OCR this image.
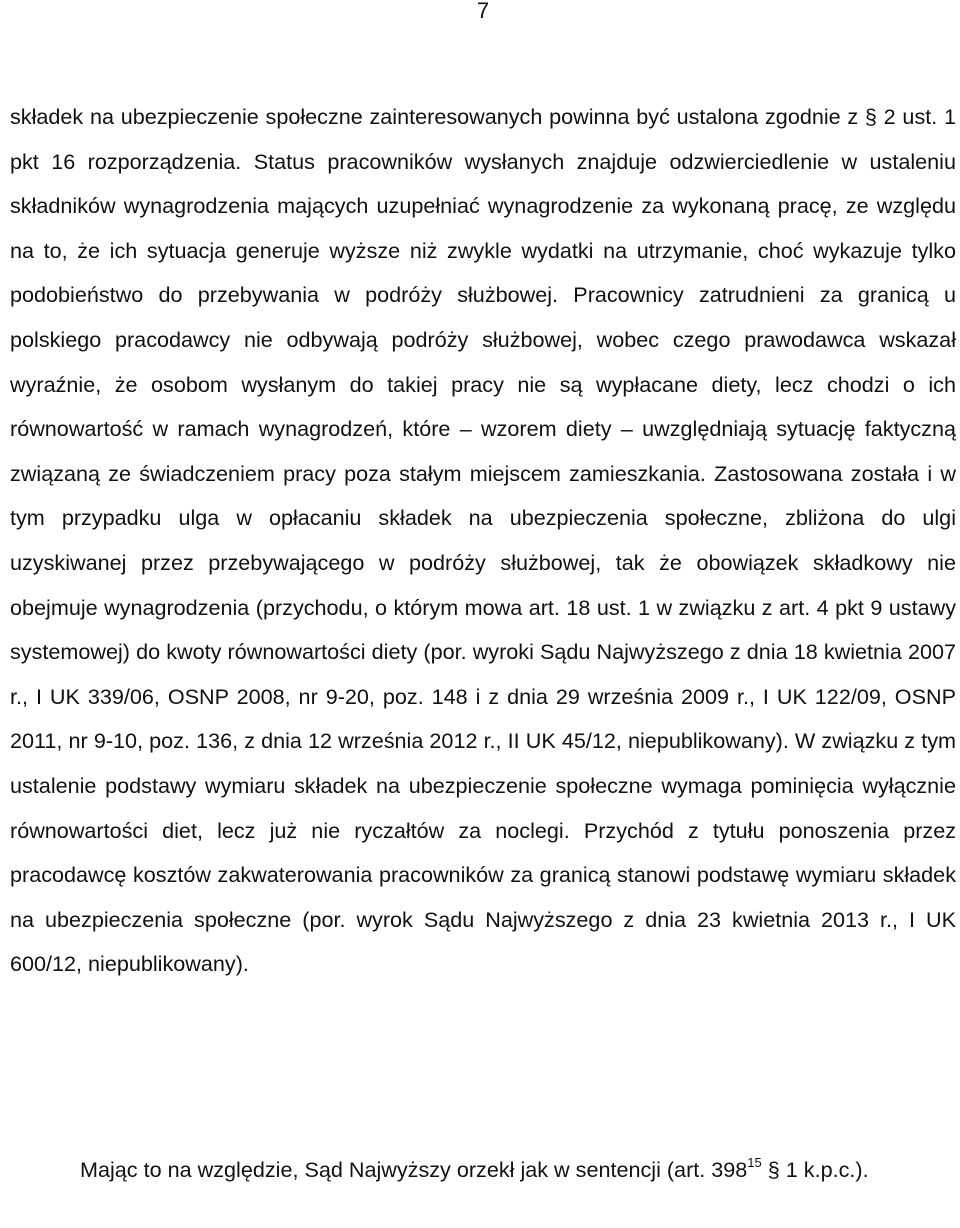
7

składek na ubezpieczenie społeczne zainteresowanych powinna być ustalona zgodnie z § 2 ust. 1 pkt 16 rozporządzenia. Status pracowników wysłanych znajduje odzwierciedlenie w ustaleniu składników wynagrodzenia mających uzupełniać wynagrodzenie za wykonaną pracę, ze względu na to, że ich sytuacja generuje wyższe niż zwykle wydatki na utrzymanie, choć wykazuje tylko podobieństwo do przebywania w podróży służbowej. Pracownicy zatrudnieni za granicą u polskiego pracodawcy nie odbywają podróży służbowej, wobec czego prawodawca wskazał wyraźnie, że osobom wysłanym do takiej pracy nie są wypłacane diety, lecz chodzi o ich równowartość w ramach wynagrodzeń, które – wzorem diety – uwzględniają sytuację faktyczną związaną ze świadczeniem pracy poza stałym miejscem zamieszkania. Zastosowana została i w tym przypadku ulga w opłacaniu składek na ubezpieczenia społeczne, zbliżona do ulgi uzyskiwanej przez przebywającego w podróży służbowej, tak że obowiązek składkowy nie obejmuje wynagrodzenia (przychodu, o którym mowa art. 18 ust. 1 w związku z art. 4 pkt 9 ustawy systemowej) do kwoty równowartości diety (por. wyroki Sądu Najwyższego z dnia 18 kwietnia 2007 r., I UK 339/06, OSNP 2008, nr 9-20, poz. 148 i z dnia 29 września 2009 r., I UK 122/09, OSNP 2011, nr 9-10, poz. 136, z dnia 12 września 2012 r., II UK 45/12, niepublikowany). W związku z tym ustalenie podstawy wymiaru składek na ubezpieczenie społeczne wymaga pominięcia wyłącznie równowartości diet, lecz już nie ryczałtów za noclegi. Przychód z tytułu ponoszenia przez pracodawcę kosztów zakwaterowania pracowników za granicą stanowi podstawę wymiaru składek na ubezpieczenia społeczne (por. wyrok Sądu Najwyższego z dnia 23 kwietnia 2013 r., I UK 600/12, niepublikowany).

Mając to na względzie, Sąd Najwyższy orzekł jak w sentencji (art. $398^{15}$ § 1 k.p.c.).
